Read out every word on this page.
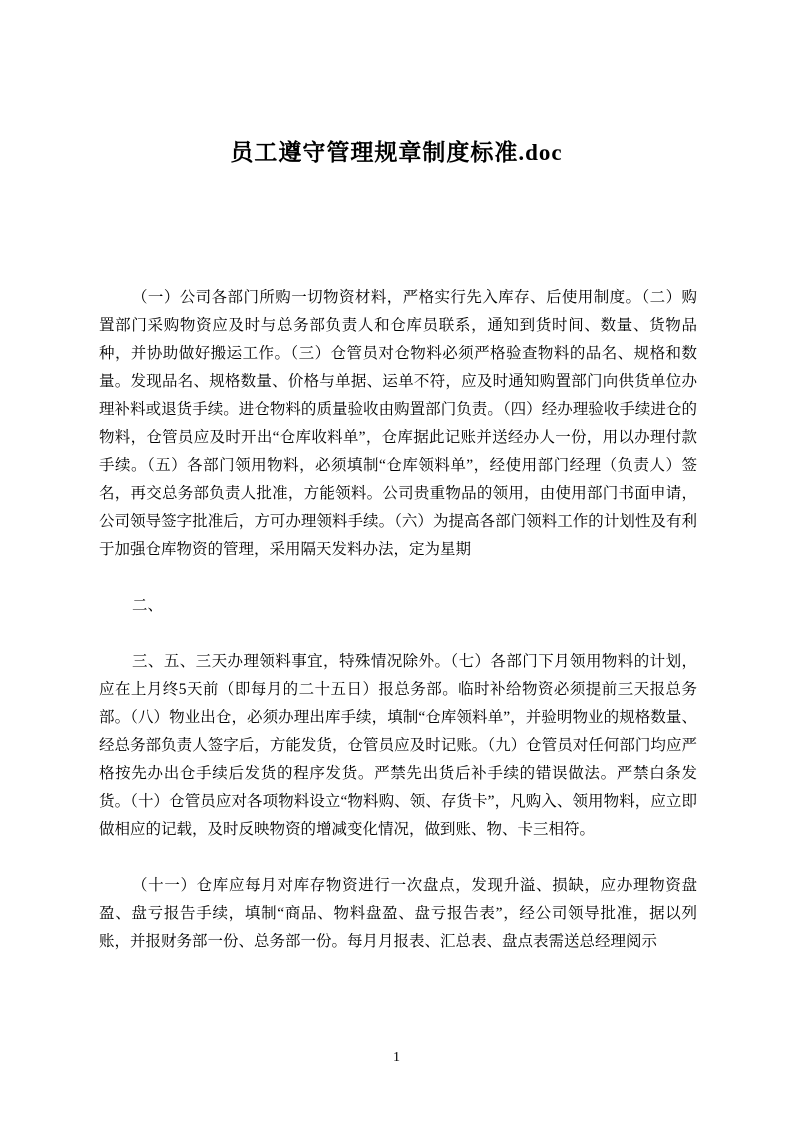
员工遵守管理规章制度标准.doc

（一）公司各部门所购一切物资材料，严格实行先入库存、后使用制度。（二）购置部门采购物资应及时与总务部负责人和仓库员联系，通知到货时间、数量、货物品种，并协助做好搬运工作。（三）仓管员对仓物料必须严格验查物料的品名、规格和数量。发现品名、规格数量、价格与单据、运单不符，应及时通知购置部门向供货单位办理补料或退货手续。进仓物料的质量验收由购置部门负责。（四）经办理验收手续进仓的物料，仓管员应及时开出“仓库收料单”，仓库据此记账并送经办人一份，用以办理付款手续。（五）各部门领用物料，必须填制“仓库领料单”，经使用部门经理（负责人）签名，再交总务部负责人批准，方能领料。公司贵重物品的领用，由使用部门书面申请，公司领导签字批准后，方可办理领料手续。（六）为提高各部门领料工作的计划性及有利于加强仓库物资的管理，采用隔天发料办法，定为星期

二、

三、五、三天办理领料事宜，特殊情况除外。（七）各部门下月领用物料的计划，应在上月终5天前（即每月的二十五日）报总务部。临时补给物资必须提前三天报总务部。（八）物业出仓，必须办理出库手续，填制“仓库领料单”，并验明物业的规格数量、经总务部负责人签字后，方能发货，仓管员应及时记账。（九）仓管员对任何部门均应严格按先办出仓手续后发货的程序发货。严禁先出货后补手续的错误做法。严禁白条发货。（十）仓管员应对各项物料设立“物料购、领、存货卡”，凡购入、领用物料，应立即做相应的记载，及时反映物资的增减变化情况，做到账、物、卡三相符。

（十一）仓库应每月对库存物资进行一次盘点，发现升溢、损缺，应办理物资盘盈、盘亏报告手续，填制“商品、物料盘盈、盘亏报告表”，经公司领导批准，据以列账，并报财务部一份、总务部一份。每月月报表、汇总表、盘点表需送总经理阅示

1
